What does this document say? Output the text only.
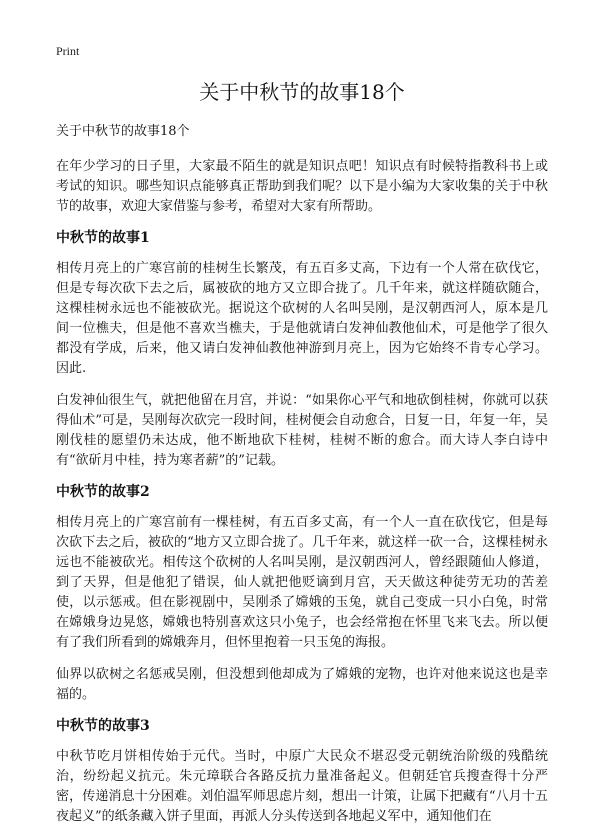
Print
关于中秋节的故事18个
关于中秋节的故事18个

在年少学习的日子里，大家最不陌生的就是知识点吧！知识点有时候特指教科书上或考试的知识。哪些知识点能够真正帮助到我们呢？以下是小编为大家收集的关于中秋节的故事，欢迎大家借鉴与参考，希望对大家有所帮助。

中秋节的故事1

相传月亮上的广寒宫前的桂树生长繁茂，有五百多丈高，下边有一个人常在砍伐它，但是专每次砍下去之后，属被砍的地方又立即合拢了。几千年来，就这样随砍随合，这棵桂树永远也不能被砍光。据说这个砍树的人名叫吴刚，是汉朝西河人，原本是几间一位樵夫，但是他不喜欢当樵夫，于是他就请白发神仙教他仙术，可是他学了很久都没有学成，后来，他又请白发神仙教他神游到月亮上，因为它始终不肯专心学习。因此.

白发神仙很生气，就把他留在月宫，并说：“如果你心平气和地砍倒桂树，你就可以获得仙术”可是，吴刚每次砍完一段时间，桂树便会自动愈合，日复一日，年复一年，吴刚伐桂的愿望仍未达成，他不断地砍下桂树，桂树不断的愈合。而大诗人李白诗中有“欲斫月中桂，持为寒者薪”的”记载。

中秋节的故事2

相传月亮上的广寒宫前有一棵桂树，有五百多丈高，有一个人一直在砍伐它，但是每次砍下去之后，被砍的“地方又立即合拢了。几千年来，就这样一砍一合，这棵桂树永远也不能被砍光。相传这个砍树的人名叫吴刚，是汉朝西河人，曾经跟随仙人修道，到了天界，但是他犯了错误，仙人就把他贬谪到月宫，天天做这种徒劳无功的苦差使，以示惩戒。但在影视剧中，吴刚杀了嫦娥的玉兔，就自己变成一只小白兔，时常在嫦娥身边晃悠，嫦娥也特别喜欢这只小兔子，也会经常抱在怀里飞来飞去。所以便有了我们所看到的嫦娥奔月，但怀里抱着一只玉兔的海报。

仙界以砍树之名惩戒吴刚，但没想到他却成为了嫦娥的宠物，也许对他来说这也是幸福的。

中秋节的故事3

中秋节吃月饼相传始于元代。当时，中原广大民众不堪忍受元朝统治阶级的残酷统治，纷纷起义抗元。朱元璋联合各路反抗力量准备起义。但朝廷官兵搜查得十分严密，传递消息十分困难。刘伯温军师思虑片刻，想出一计策，让属下把藏有“八月十五夜起义”的纸条藏入饼子里面，再派人分头传送到各地起义军中，通知他们在
